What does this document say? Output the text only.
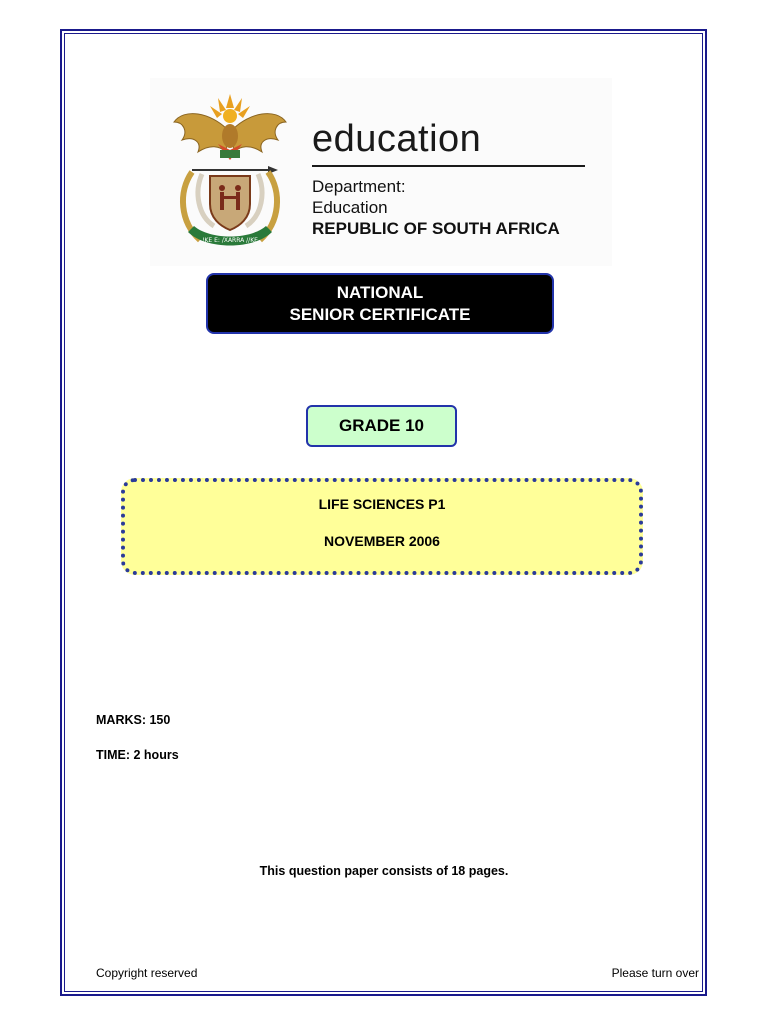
!KE E: /XARRA //KE
education
Department:
Education
REPUBLIC OF SOUTH AFRICA
NATIONAL
SENIOR CERTIFICATE
GRADE 10
LIFE SCIENCES P1
NOVEMBER 2006
MARKS: 150
TIME: 2 hours
This question paper consists of 18 pages.
Copyright reserved	Please turn over
